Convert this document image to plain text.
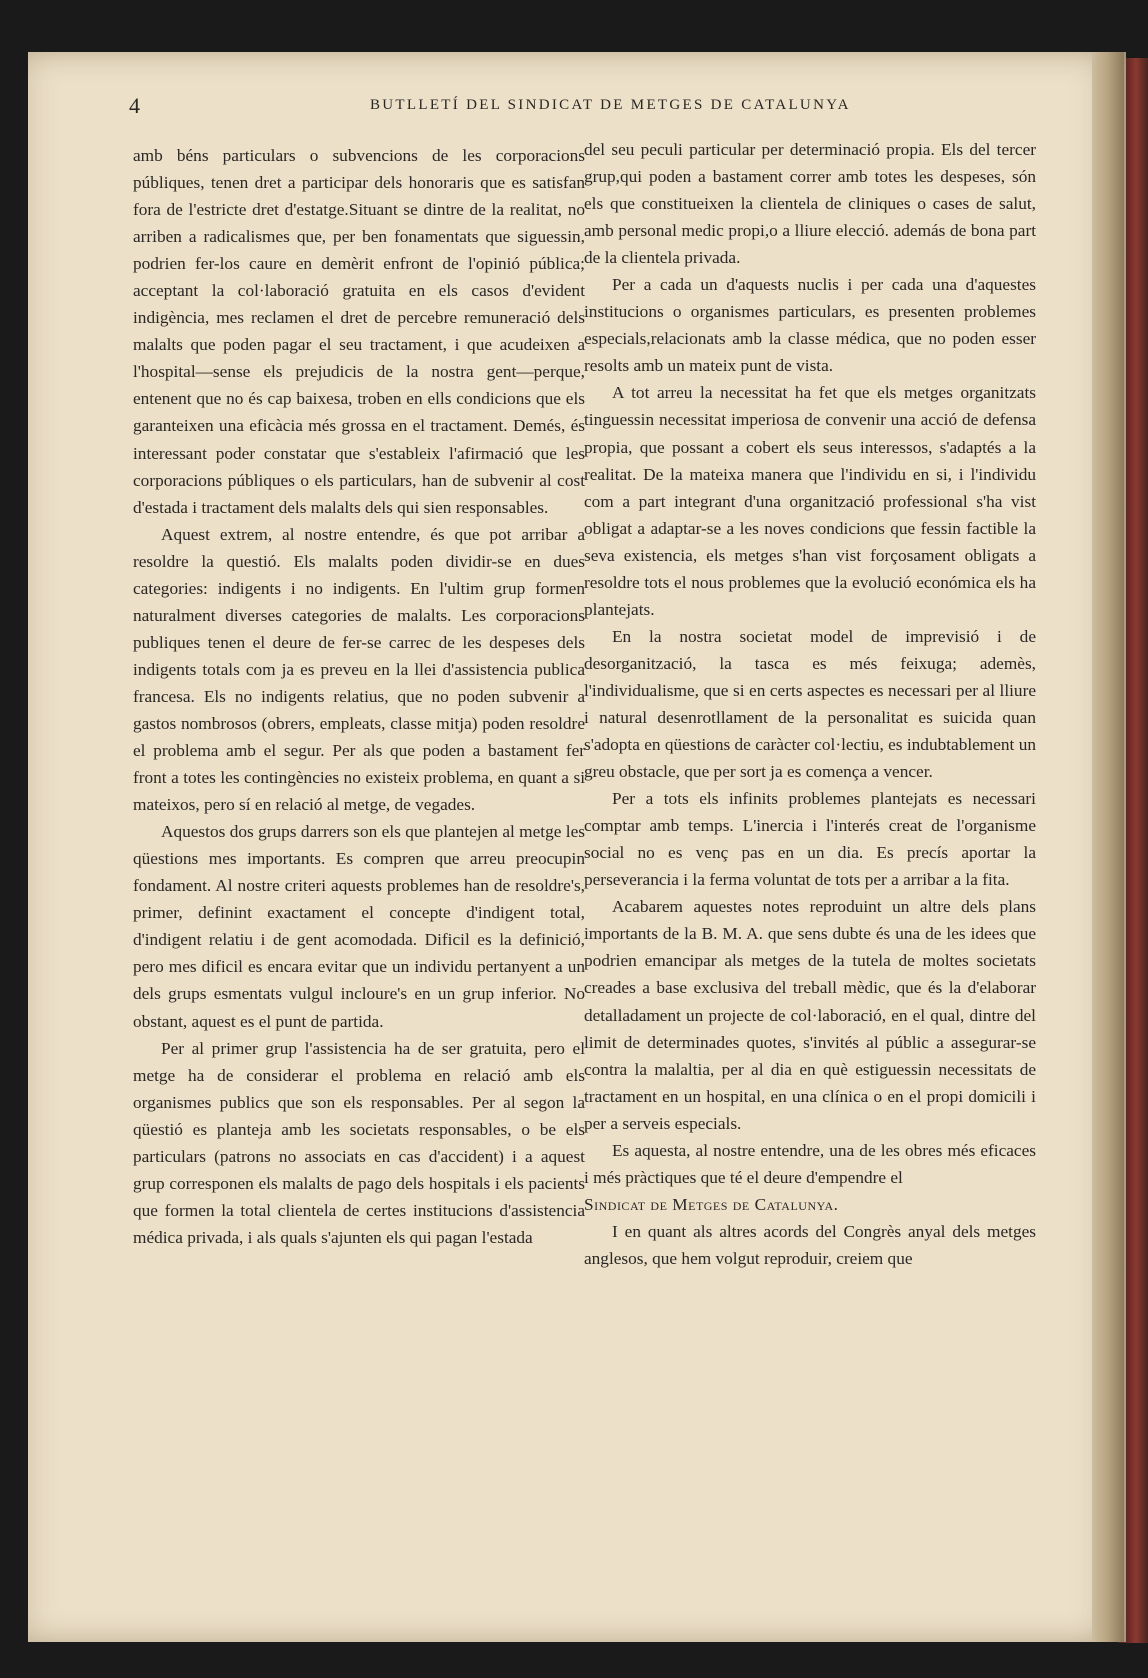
4	BUTLLETÍ DEL SINDICAT DE METGES DE CATALUNYA

amb béns particulars o subvencions de les corporacions públiques, tenen dret a participar dels honoraris que es satisfan fora de l'estricte dret d'estatge.Situant se dintre de la realitat, no arriben a radicalismes que, per ben fonamentats que siguessin, podrien fer-los caure en demèrit enfront de l'opinió pública; acceptant la col·laboració gratuita en els casos d'evident indigència, mes reclamen el dret de percebre remuneració dels malalts que poden pagar el seu tractament, i que acudeixen a l'hospital—sense els prejudicis de la nostra gent—perque, entenent que no és cap baixesa, troben en ells condicions que els garanteixen una eficàcia més grossa en el tractament. Demés, és interessant poder constatar que s'estableix l'afirmació que les corporacions públiques o els particulars, han de subvenir al cost d'estada i tractament dels malalts dels qui sien responsables.

Aquest extrem, al nostre entendre, és que pot arribar a resoldre la questió. Els malalts poden dividir-se en dues categories: indigents i no indigents. En l'ultim grup formen naturalment diverses categories de malalts. Les corporacions publiques tenen el deure de fer-se carrec de les despeses dels indigents totals com ja es preveu en la llei d'assistencia publica francesa. Els no indigents relatius, que no poden subvenir a gastos nombrosos (obrers, empleats, classe mitja) poden resoldre el problema amb el segur. Per als que poden a bastament fer front a totes les contingències no existeix problema, en quant a si mateixos, pero sí en relació al metge, de vegades.

Aquestos dos grups darrers son els que plantejen al metge les qüestions mes importants. Es compren que arreu preocupin fondament. Al nostre criteri aquests problemes han de resoldre's, primer, definint exactament el concepte d'indigent total, d'indigent relatiu i de gent acomodada. Dificil es la definició, pero mes dificil es encara evitar que un individu pertanyent a un dels grups esmentats vulgul incloure's en un grup inferior. No obstant, aquest es el punt de partida.

Per al primer grup l'assistencia ha de ser gratuita, pero el metge ha de considerar el problema en relació amb els organismes publics que son els responsables. Per al segon la qüestió es planteja amb les societats responsables, o be els particulars (patrons no associats en cas d'accident) i a aquest grup corresponen els malalts de pago dels hospitals i els pacients que formen la total clientela de certes institucions d'assistencia médica privada, i als quals s'ajunten els qui pagan l'estada

del seu peculi particular per determinació propia. Els del tercer grup,qui poden a bastament correr amb totes les despeses, són els que constitueixen la clientela de cliniques o cases de salut, amb personal medic propi,o a lliure elecció. además de bona part de la clientela privada.

Per a cada un d'aquests nuclis i per cada una d'aquestes institucions o organismes particulars, es presenten problemes especials,relacionats amb la classe médica, que no poden esser resolts amb un mateix punt de vista.

A tot arreu la necessitat ha fet que els metges organitzats tinguessin necessitat imperiosa de convenir una acció de defensa propia, que possant a cobert els seus interessos, s'adaptés a la realitat. De la mateixa manera que l'individu en si, i l'individu com a part integrant d'una organització professional s'ha vist obligat a adaptar-se a les noves condicions que fessin factible la seva existencia, els metges s'han vist forçosament obligats a resoldre tots el nous problemes que la evolució económica els ha plantejats.

En la nostra societat model de imprevisió i de desorganització, la tasca es més feixuga; ademès, l'individualisme, que si en certs aspectes es necessari per al lliure i natural desenrotllament de la personalitat es suicida quan s'adopta en qüestions de caràcter col·lectiu, es indubtablement un greu obstacle, que per sort ja es comença a vencer.

Per a tots els infinits problemes plantejats es necessari comptar amb temps. L'inercia i l'interés creat de l'organisme social no es venç pas en un dia. Es precís aportar la perseverancia i la ferma voluntat de tots per a arribar a la fita.

Acabarem aquestes notes reproduint un altre dels plans importants de la B. M. A. que sens dubte és una de les idees que podrien emancipar als metges de la tutela de moltes societats creades a base exclusiva del treball mèdic, que és la d'elaborar detalladament un projecte de col·laboració, en el qual, dintre del limit de determinades quotes, s'invités al públic a assegurar-se contra la malaltia, per al dia en què estiguessin necessitats de tractament en un hospital, en una clínica o en el propi domicili i per a serveis especials.

Es aquesta, al nostre entendre, una de les obres més eficaces i més pràctiques que té el deure d'empendre el

Sindicat de Metges de Catalunya.

I en quant als altres acords del Congrès anyal dels metges anglesos, que hem volgut reproduir, creiem que
